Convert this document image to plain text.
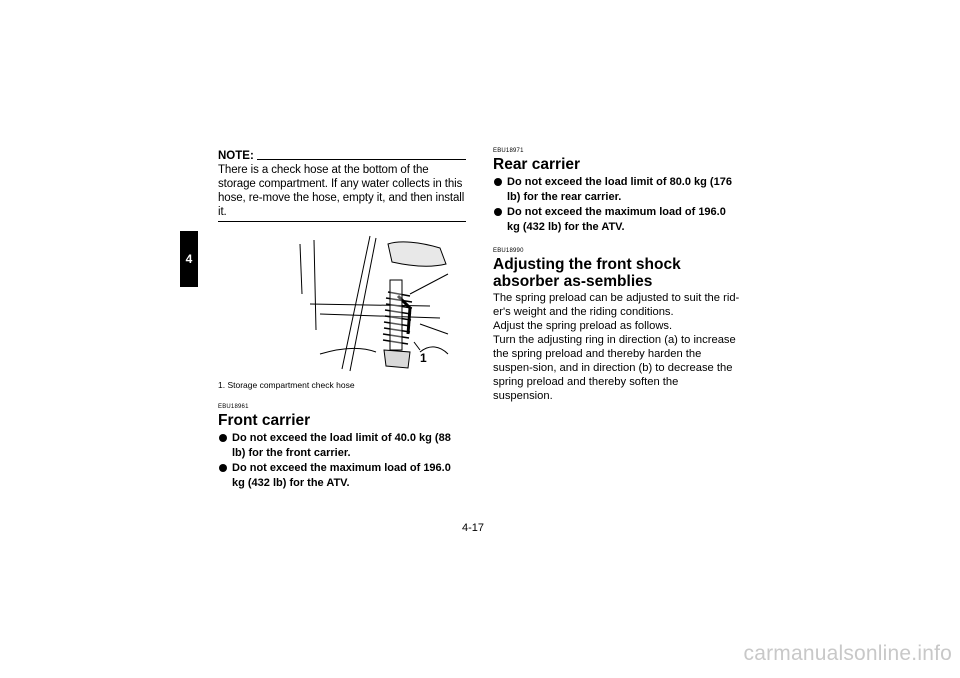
4
NOTE:
There is a check hose at the bottom of the storage compartment. If any water collects in this hose, re-move the hose, empty it, and then install it.
1
1. Storage compartment check hose
EBU18961
Front carrier
Do not exceed the load limit of 40.0 kg (88 lb) for the front carrier.
Do not exceed the maximum load of 196.0 kg (432 lb) for the ATV.
EBU18971
Rear carrier
Do not exceed the load limit of 80.0 kg (176 lb) for the rear carrier.
Do not exceed the maximum load of 196.0 kg (432 lb) for the ATV.
EBU18990
Adjusting the front shock absorber as-semblies

The spring preload can be adjusted to suit the rid-er's weight and the riding conditions.

Adjust the spring preload as follows.

Turn the adjusting ring in direction (a) to increase the spring preload and thereby harden the suspen-sion, and in direction (b) to decrease the spring preload and thereby soften the suspension.

4-17
carmanualsonline.info
